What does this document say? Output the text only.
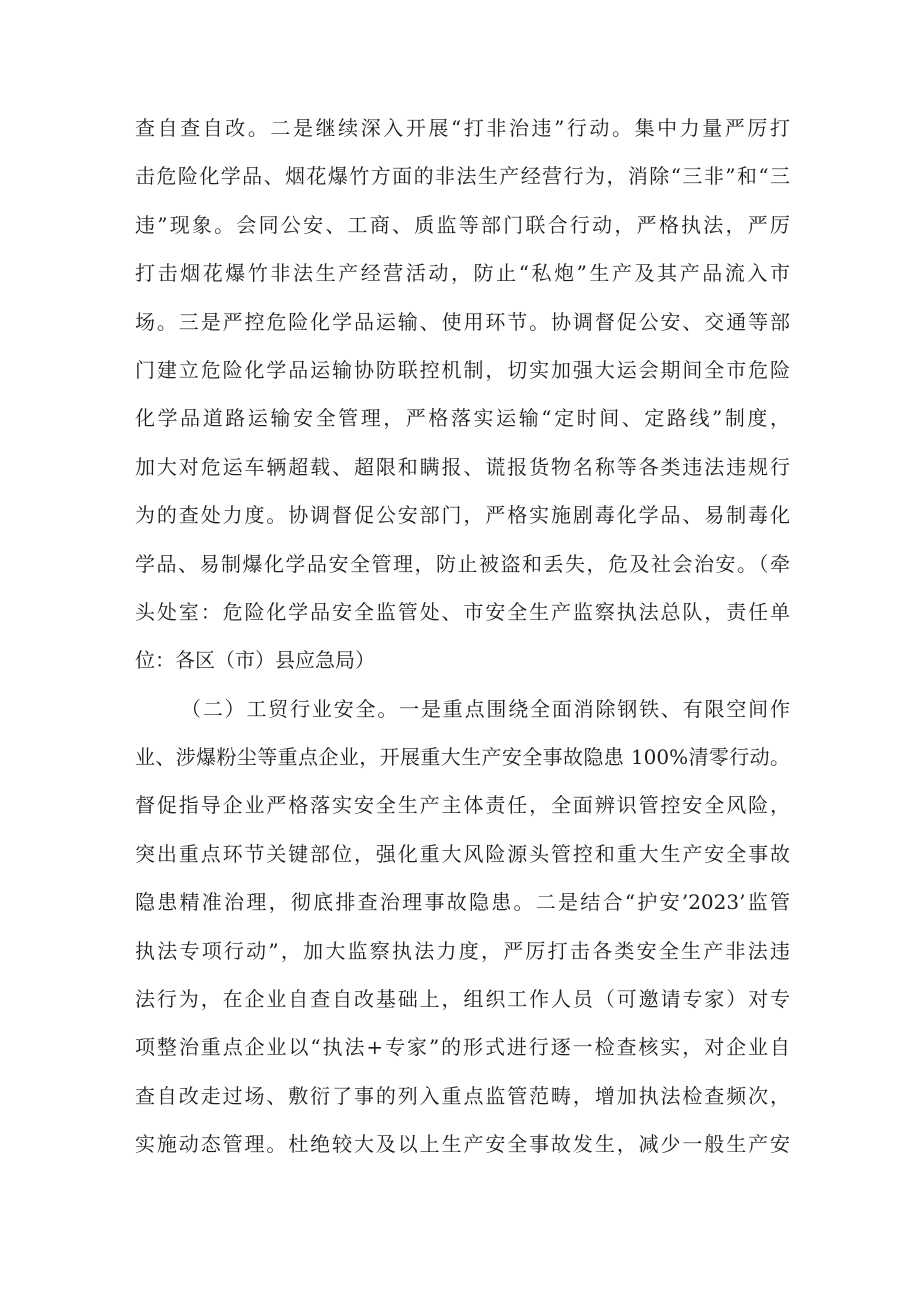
查自查自改。二是继续深入开展“打非治违”行动。集中力量严厉打
击危险化学品、烟花爆竹方面的非法生产经营行为，消除“三非”和“三
违”现象。会同公安、工商、质监等部门联合行动，严格执法，严厉
打击烟花爆竹非法生产经营活动，防止“私炮”生产及其产品流入市
场。三是严控危险化学品运输、使用环节。协调督促公安、交通等部
门建立危险化学品运输协防联控机制，切实加强大运会期间全市危险
化学品道路运输安全管理，严格落实运输“定时间、定路线”制度，
加大对危运车辆超载、超限和瞒报、谎报货物名称等各类违法违规行
为的查处力度。协调督促公安部门，严格实施剧毒化学品、易制毒化
学品、易制爆化学品安全管理，防止被盗和丢失，危及社会治安。（牵
头处室：危险化学品安全监管处、市安全生产监察执法总队，责任单
位：各区（市）县应急局）
（二）工贸行业安全。一是重点围绕全面消除钢铁、有限空间作
业、涉爆粉尘等重点企业，开展重大生产安全事故隐患 100%清零行动。
督促指导企业严格落实安全生产主体责任，全面辨识管控安全风险，
突出重点环节关键部位，强化重大风险源头管控和重大生产安全事故
隐患精准治理，彻底排查治理事故隐患。二是结合“护安’2023’监管
执法专项行动”，加大监察执法力度，严厉打击各类安全生产非法违
法行为，在企业自查自改基础上，组织工作人员（可邀请专家）对专
项整治重点企业以“执法+专家”的形式进行逐一检查核实，对企业自
查自改走过场、敷衍了事的列入重点监管范畴，增加执法检查频次，
实施动态管理。杜绝较大及以上生产安全事故发生，减少一般生产安
